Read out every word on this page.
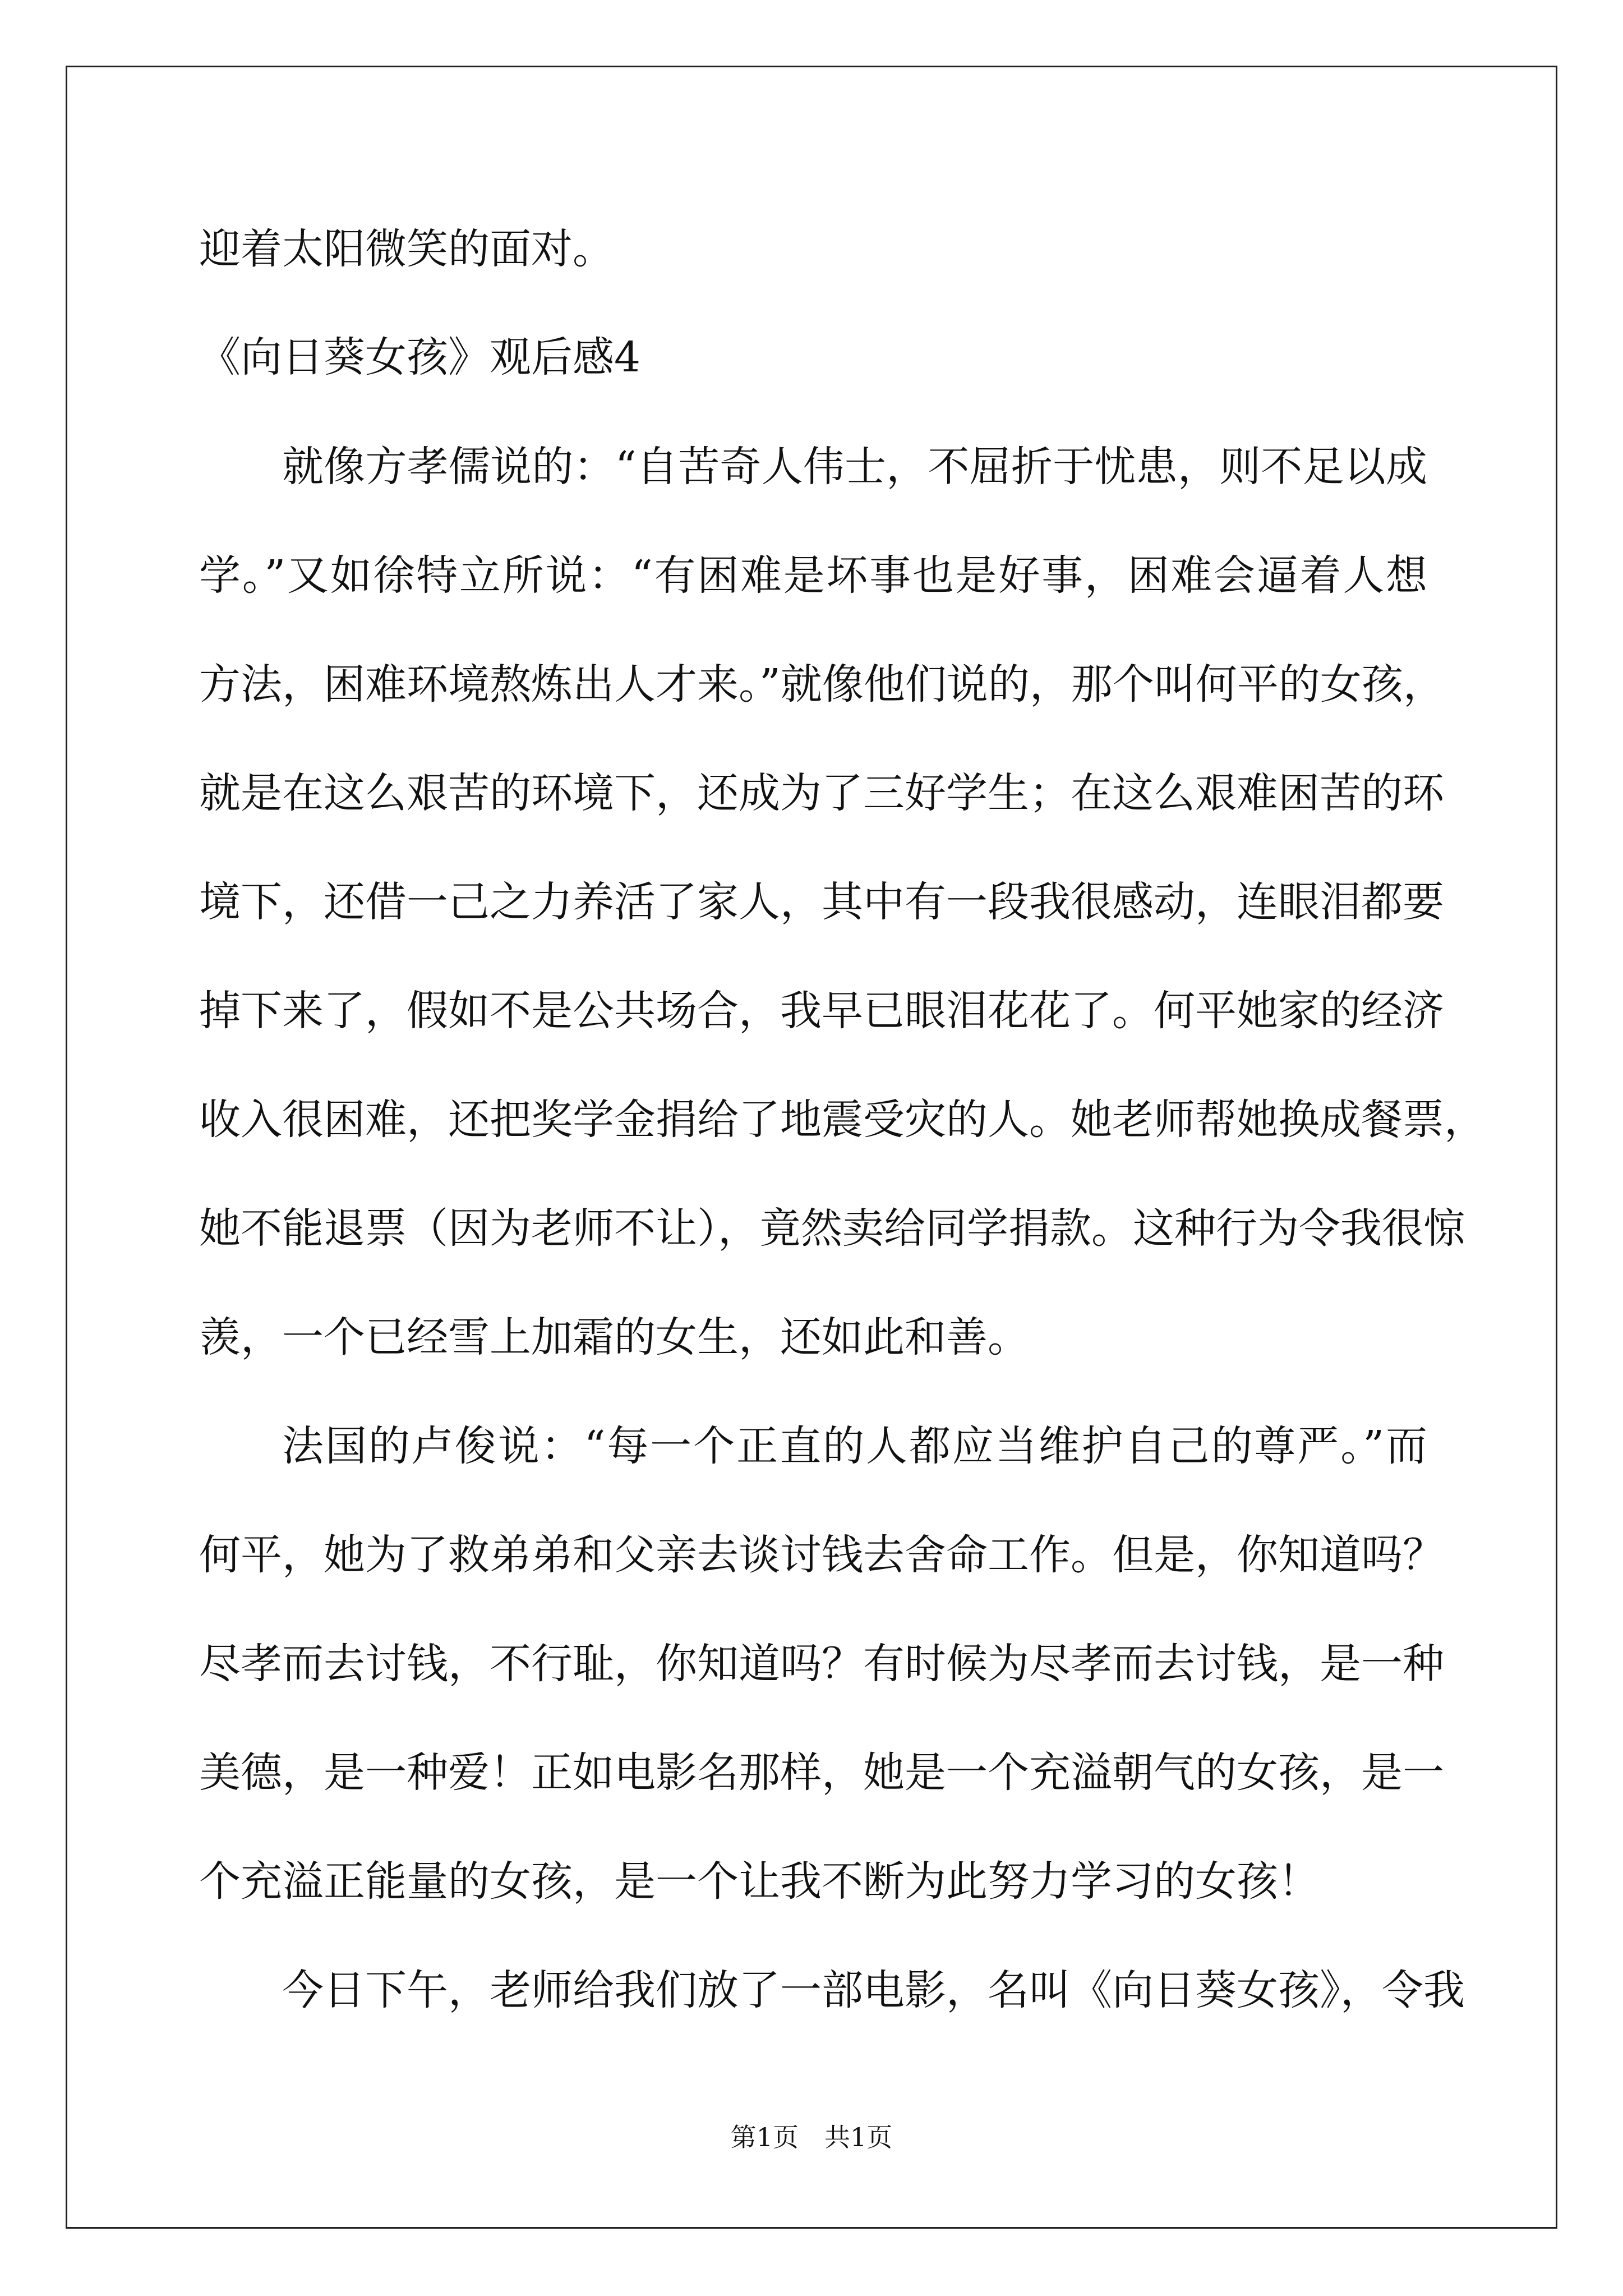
迎着太阳微笑的面对。

《向日葵女孩》观后感4

就像方孝儒说的：“自苦奇人伟士，不屈折于忧患，则不足以成

学。”又如徐特立所说：“有困难是坏事也是好事，困难会逼着人想

方法，困难环境熬炼出人才来。”就像他们说的，那个叫何平的女孩，

就是在这么艰苦的环境下，还成为了三好学生；在这么艰难困苦的环

境下，还借一己之力养活了家人，其中有一段我很感动，连眼泪都要

掉下来了，假如不是公共场合，我早已眼泪花花了。何平她家的经济

收入很困难，还把奖学金捐给了地震受灾的人。她老师帮她换成餐票，

她不能退票（因为老师不让），竟然卖给同学捐款。这种行为令我很惊

羡，一个已经雪上加霜的女生，还如此和善。

法国的卢俊说：“每一个正直的人都应当维护自己的尊严。”而

何平，她为了救弟弟和父亲去谈讨钱去舍命工作。但是，你知道吗？

尽孝而去讨钱，不行耻，你知道吗？有时候为尽孝而去讨钱，是一种

美德，是一种爱！正如电影名那样，她是一个充溢朝气的女孩，是一

个充溢正能量的女孩，是一个让我不断为此努力学习的女孩！

今日下午，老师给我们放了一部电影，名叫《向日葵女孩》，令我

第1页　共1页
